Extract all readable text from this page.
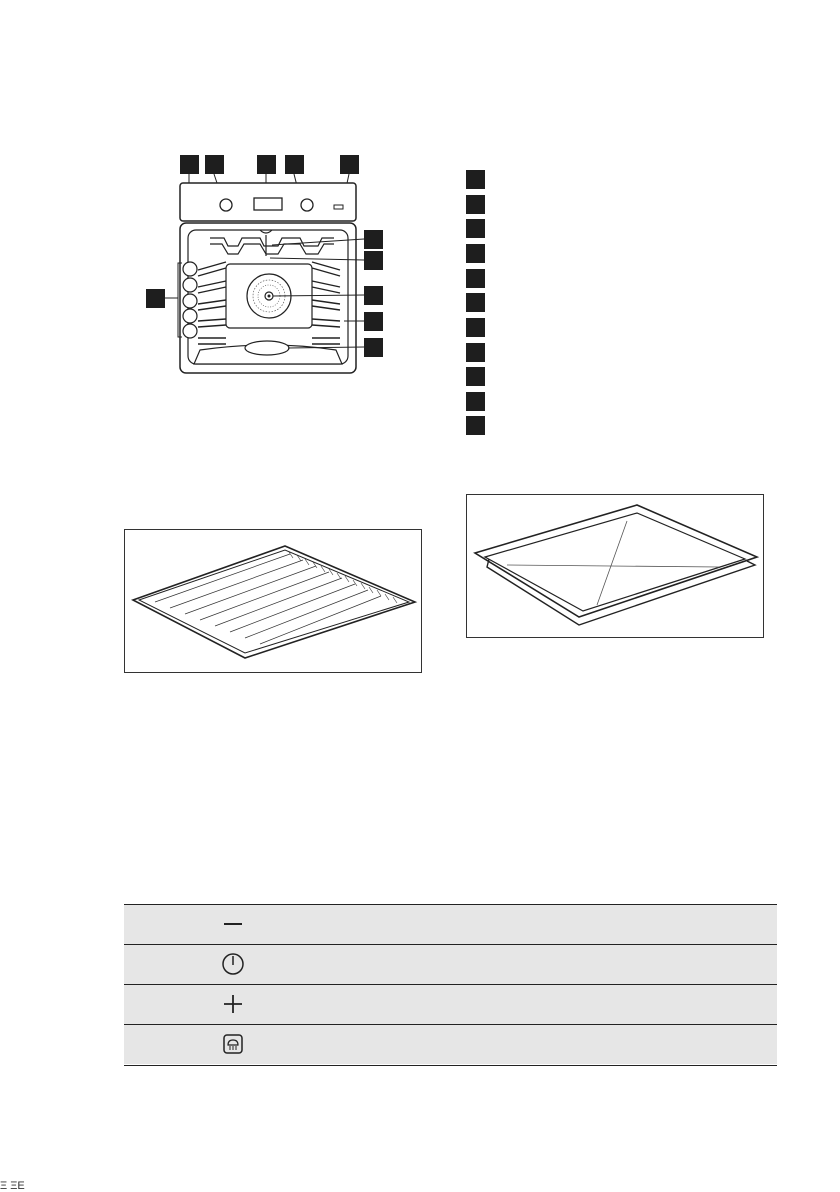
Ξ ΞΕ
